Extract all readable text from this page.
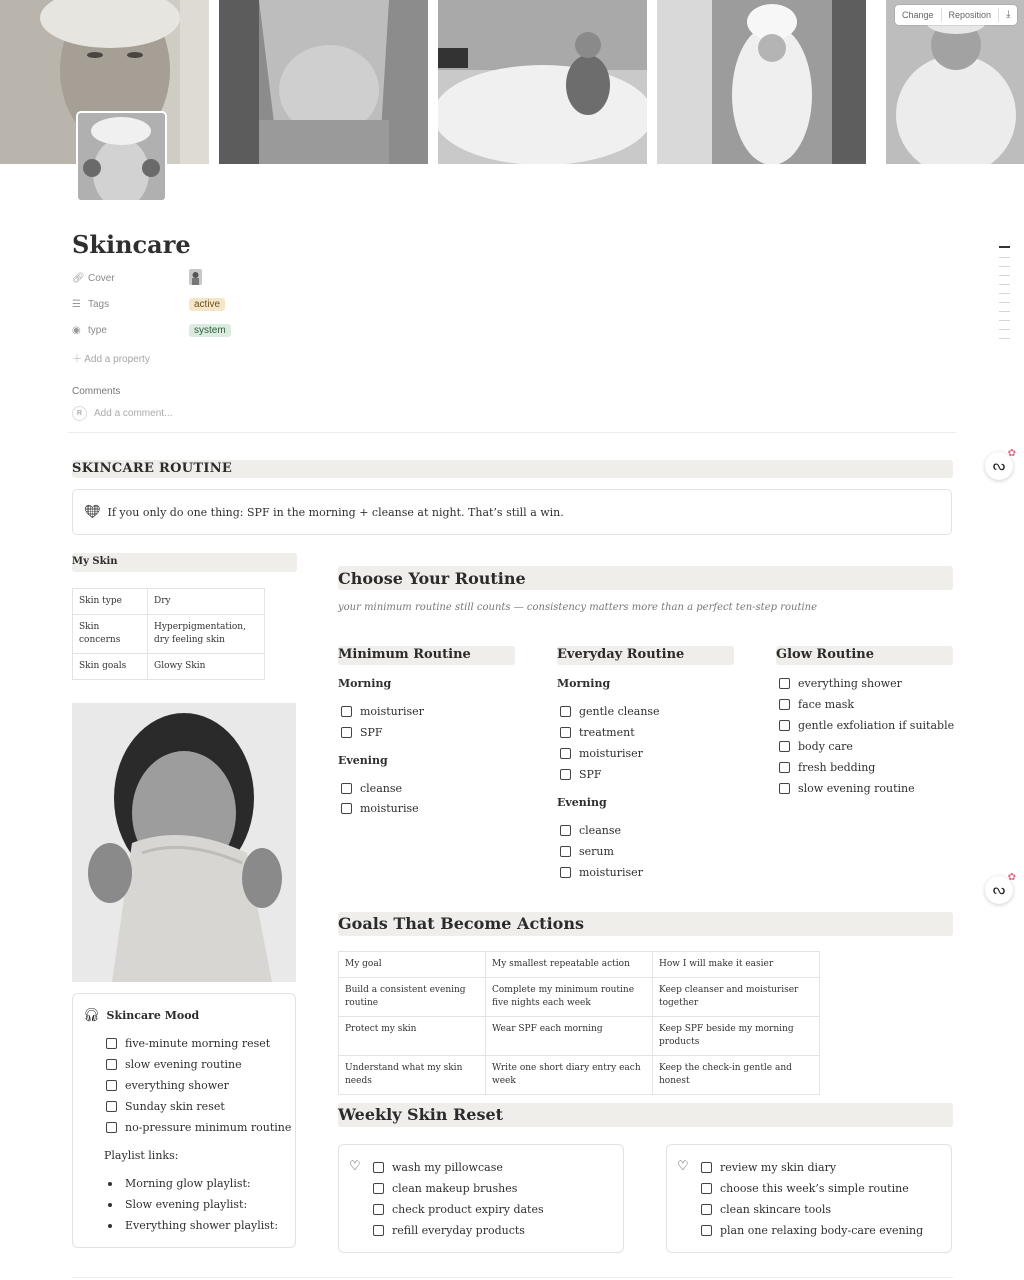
Change	Reposition	⤓
Skincare
🔗︎ Cover
☰ Tags	active
◉ type	system
＋ Add a property
Comments
R	Add a comment...
SKINCARE ROUTINE
🖤︎ If you only do one thing: SPF in the morning + cleanse at night. That’s still a win.
My Skin
Skin type	Dry
Skin concerns	Hyperpigmentation, dry feeling skin
Skin goals	Glowy Skin
🎧︎ Skincare Mood
five-minute morning reset
slow evening routine
everything shower
Sunday skin reset
no-pressure minimum routine
Playlist links:
Morning glow playlist:
Slow evening playlist:
Everything shower playlist:
Choose Your Routine
your minimum routine still counts — consistency matters more than a perfect ten-step routine
Minimum Routine
Morning
moisturiser
SPF
Evening
cleanse
moisturise
Everyday Routine
Morning
gentle cleanse
treatment
moisturiser
SPF
Evening
cleanse
serum
moisturiser
Glow Routine
everything shower
face mask
gentle exfoliation if suitable
body care
fresh bedding
slow evening routine
Goals That Become Actions
My goal	My smallest repeatable action	How I will make it easier
Build a consistent evening routine	Complete my minimum routine five nights each week	Keep cleanser and moisturiser together
Protect my skin	Wear SPF each morning	Keep SPF beside my morning products
Understand what my skin needs	Write one short diary entry each week	Keep the check-in gentle and honest
Weekly Skin Reset
♡	wash my pillowcase
clean makeup brushes
check product expiry dates
refill everyday products
♡	review my skin diary
choose this week’s simple routine
clean skincare tools
plan one relaxing body-care evening
ᔓ
✿
ᔓ
✿
